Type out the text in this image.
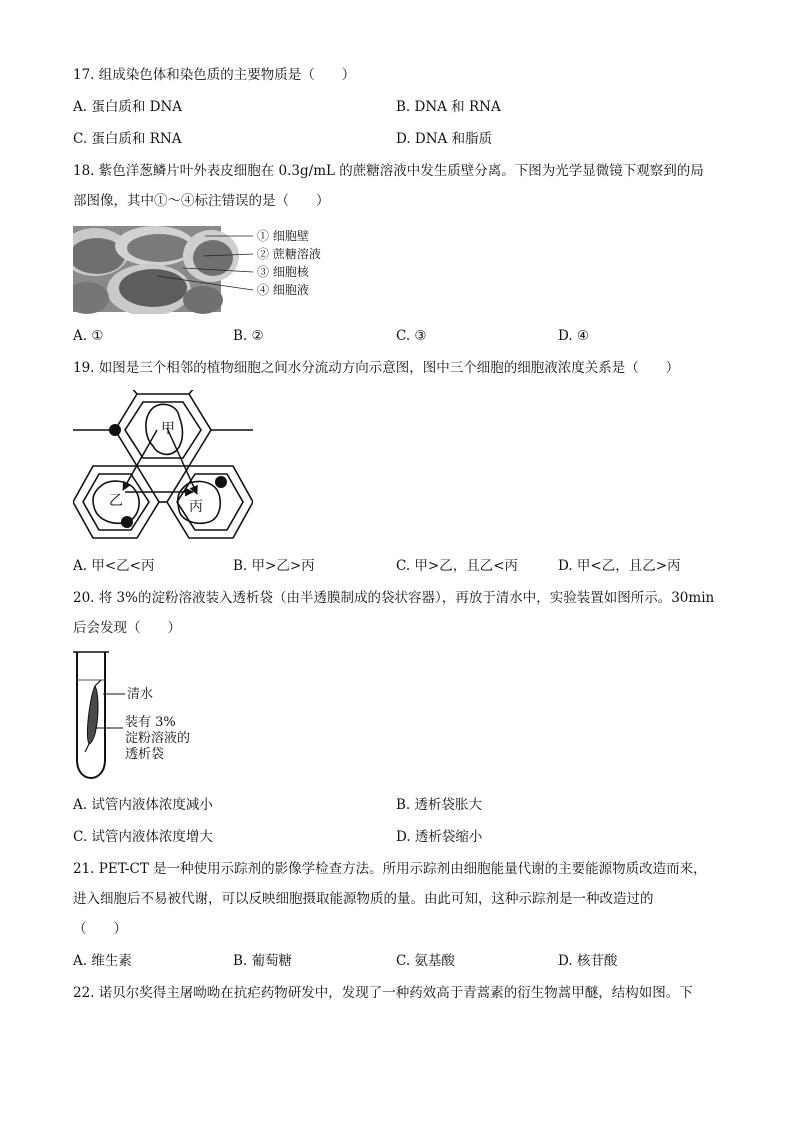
17. 组成染色体和染色质的主要物质是（　　）
A. 蛋白质和 DNA	B. DNA 和 RNA
C. 蛋白质和 RNA	D. DNA 和脂质
18. 紫色洋葱鳞片叶外表皮细胞在 0.3g/mL 的蔗糖溶液中发生质壁分离。下图为光学显微镜下观察到的局
部图像，其中①～④标注错误的是（　　）
① 细胞壁
② 蔗糖溶液
③ 细胞核
④ 细胞液
A. ①	B. ②	C. ③	D. ④
19. 如图是三个相邻的植物细胞之间水分流动方向示意图，图中三个细胞的细胞液浓度关系是（　　）
甲
乙	丙
A. 甲<乙<丙	B. 甲>乙>丙	C. 甲>乙，且乙<丙	D. 甲<乙，且乙>丙
20. 将 3%的淀粉溶液装入透析袋（由半透膜制成的袋状容器），再放于清水中，实验装置如图所示。30min
后会发现（　　）
清水
装有 3%
淀粉溶液的
透析袋
A. 试管内液体浓度减小	B. 透析袋胀大
C. 试管内液体浓度增大	D. 透析袋缩小
21. PET-CT 是一种使用示踪剂的影像学检查方法。所用示踪剂由细胞能量代谢的主要能源物质改造而来，
进入细胞后不易被代谢，可以反映细胞摄取能源物质的量。由此可知，这种示踪剂是一种改造过的
（　　）
A. 维生素	B. 葡萄糖	C. 氨基酸	D. 核苷酸
22. 诺贝尔奖得主屠呦呦在抗疟药物研发中，发现了一种药效高于青蒿素的衍生物蒿甲醚，结构如图。下
